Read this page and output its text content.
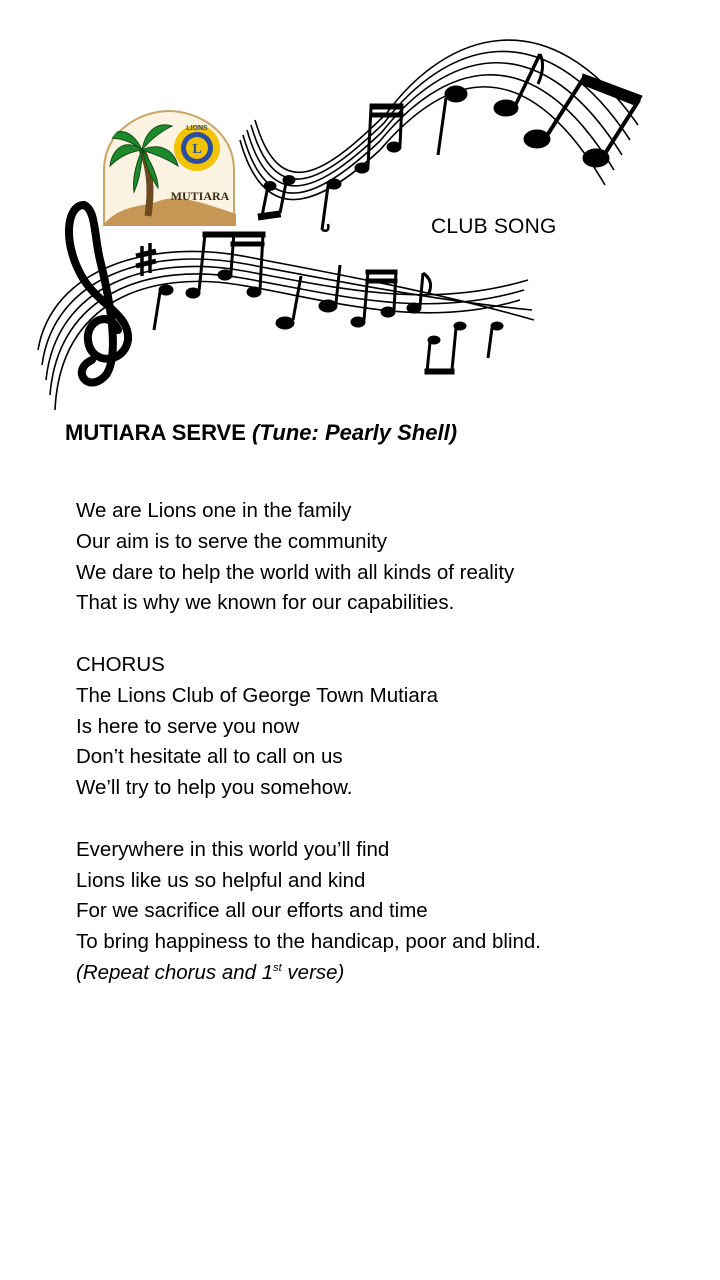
L
LIONS
MUTIARA
CLUB SONG
MUTIARA SERVE (Tune: Pearly Shell)
We are Lions one in the family
Our aim is to serve the community
We dare to help the world with all kinds of reality
That is why we known for our capabilities.
CHORUS
The Lions Club of George Town Mutiara
Is here to serve you now
Don’t hesitate all to call on us
We’ll try to help you somehow.
Everywhere in this world you’ll find
Lions like us so helpful and kind
For we sacrifice all our efforts and time
To bring happiness to the handicap, poor and blind.
(Repeat chorus and 1st verse)
